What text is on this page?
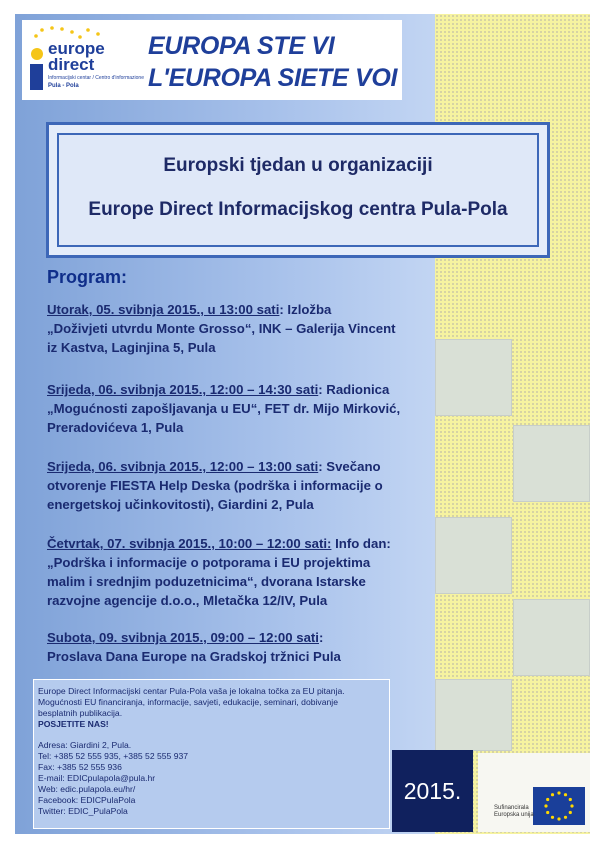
europe
direct
Informacijski centar / Centro d'informazione
Pula - Pola
EUROPA STE VI
L'EUROPA SIETE VOI
Europski tjedan u organizaciji
Europe Direct Informacijskog centra Pula-Pola
Program:
Utorak, 05. svibnja 2015., u 13:00 sati: Izložba
„Doživjeti utvrdu Monte Grosso“, INK – Galerija Vincent
iz Kastva, Laginjina 5, Pula
Srijeda, 06. svibnja 2015., 12:00 – 14:30 sati: Radionica
„Mogućnosti zapošljavanja u EU“, FET dr. Mijo Mirković,
Preradovićeva 1, Pula
Srijeda, 06. svibnja 2015., 12:00 – 13:00 sati: Svečano
otvorenje FIESTA Help Deska (podrška i informacije o
energetskoj učinkovitosti), Giardini 2, Pula
Četvrtak, 07. svibnja 2015., 10:00 – 12:00 sati: Info dan:
„Podrška i informacije o potporama i EU projektima
malim i srednjim poduzetnicima“, dvorana Istarske
razvojne agencije d.o.o., Mletačka 12/IV, Pula
Subota, 09. svibnja 2015., 09:00 – 12:00 sati:
Proslava Dana Europe na Gradskoj tržnici Pula
Europe Direct Informacijski centar Pula-Pola vaša je lokalna točka za EU pitanja.
Mogućnosti EU financiranja, informacije, savjeti, edukacije, seminari, dobivanje
besplatnih publikacija.
POSJETITE NAS!
Adresa: Giardini 2, Pula.
Tel: +385 52 555 935, +385 52 555 937
Fax: +385 52 555 936
E-mail: EDICpulapola@pula.hr
Web: edic.pulapola.eu/hr/
Facebook: EDICPulaPola
Twitter: EDIC_PulaPola
2015.
Sufinancirala Europska unija
